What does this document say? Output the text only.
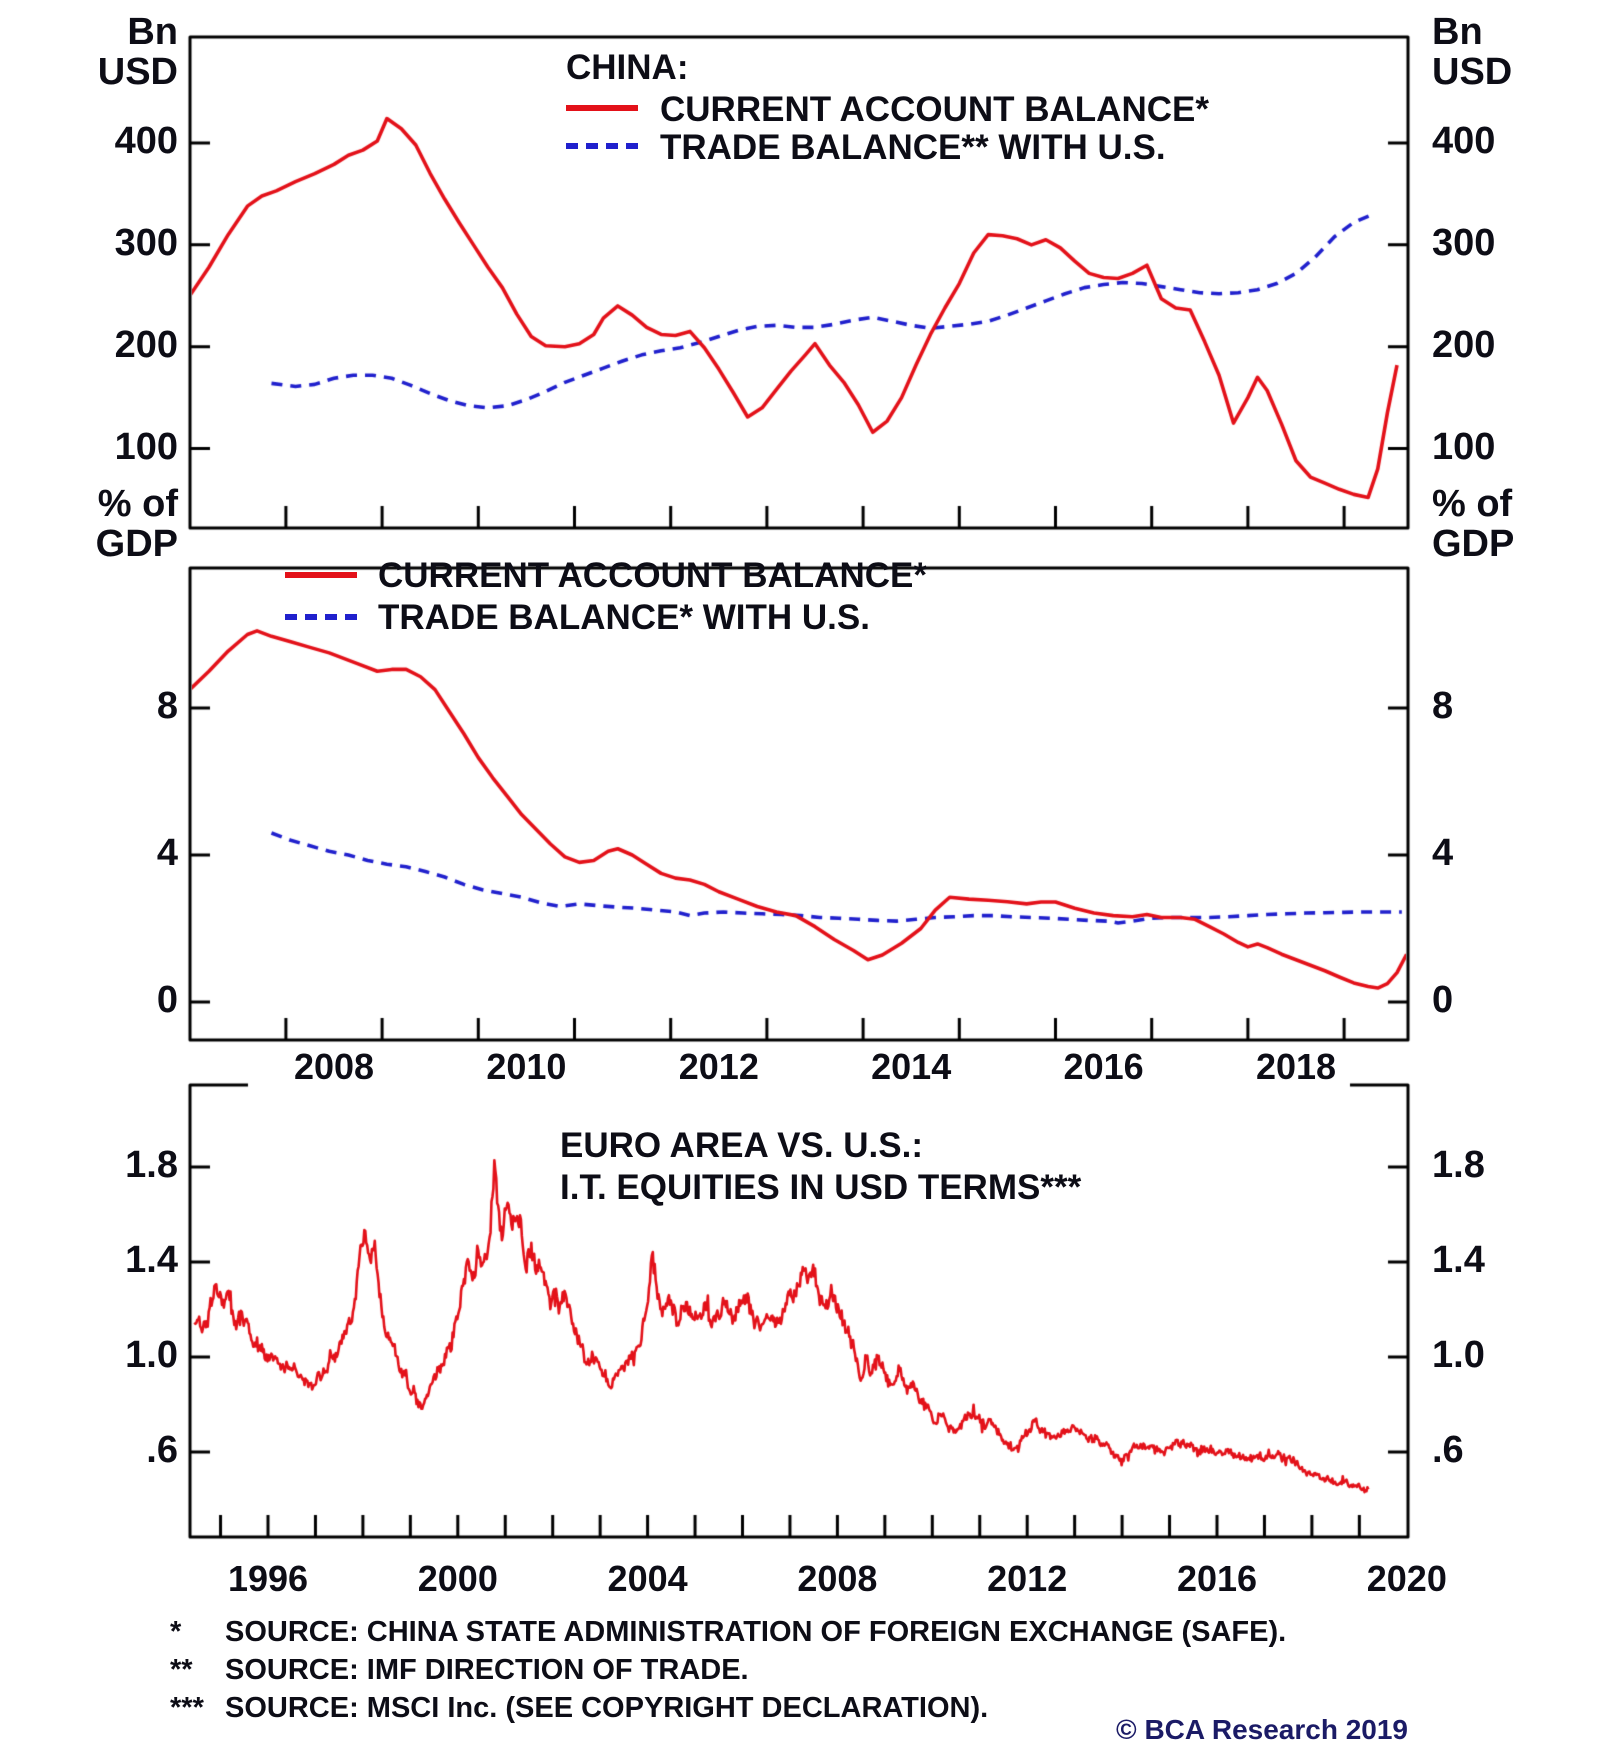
Bn
USD
Bn
USD
% of
GDP
% of
GDP
CHINA:
CURRENT ACCOUNT BALANCE*
TRADE BALANCE** WITH U.S.
CURRENT ACCOUNT BALANCE*
TRADE BALANCE* WITH U.S.
EURO AREA VS. U.S.:
I.T. EQUITIES IN USD TERMS***
400	400
300	300
200	200
100	100
8	8
4	4
0	0
2008	2010	2012	2014	2016	2018
1.8	1.8
1.4	1.4
1.0	1.0
.6	.6
1996	2000	2004	2008	2012	2016	2020
* SOURCE: CHINA STATE ADMINISTRATION OF FOREIGN EXCHANGE (SAFE).
** SOURCE: IMF DIRECTION OF TRADE.
*** SOURCE: MSCI Inc. (SEE COPYRIGHT DECLARATION).
© BCA Research 2019
